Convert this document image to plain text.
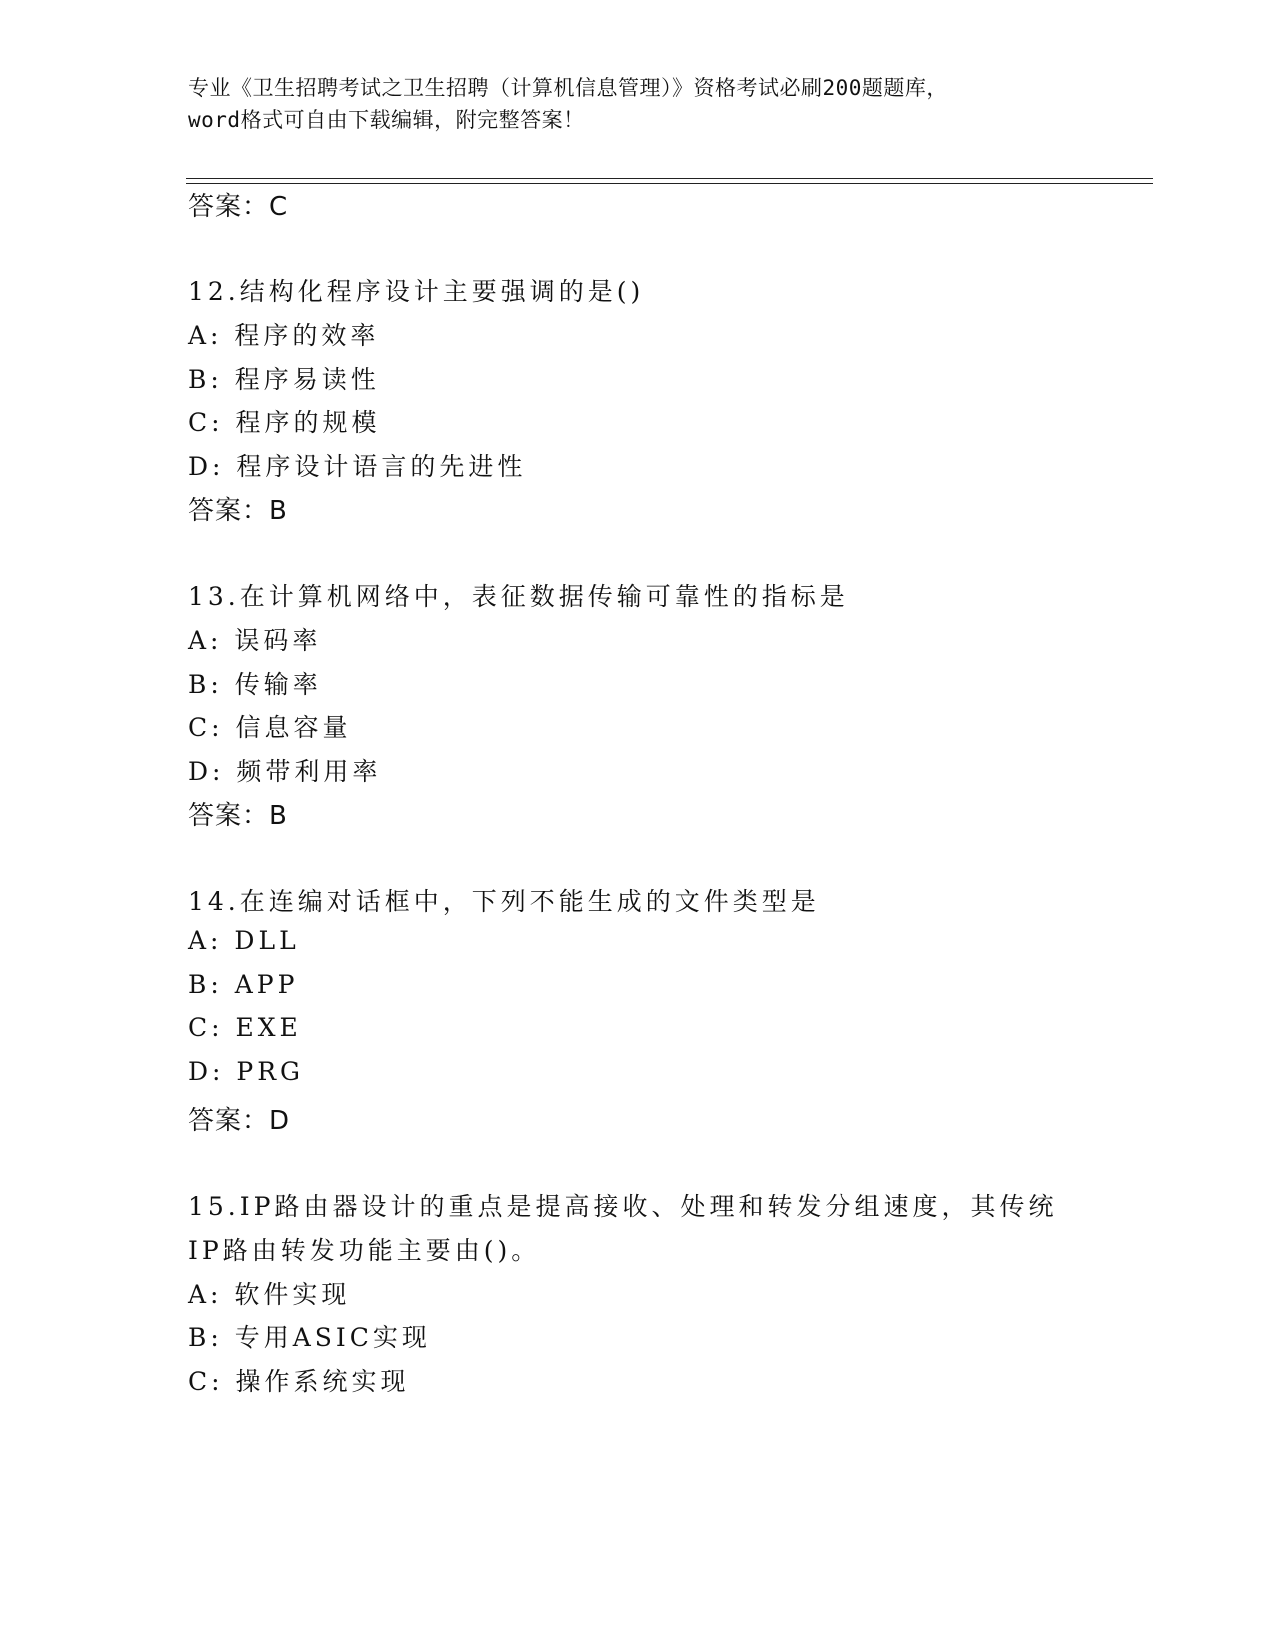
专业《卫生招聘考试之卫生招聘（计算机信息管理）》资格考试必刷200题题库，
word格式可自由下载编辑，附完整答案！
答案：C
12.结构化程序设计主要强调的是()
A: 程序的效率
B: 程序易读性
C: 程序的规模
D: 程序设计语言的先进性
答案：B
13.在计算机网络中，表征数据传输可靠性的指标是
A: 误码率
B: 传输率
C: 信息容量
D: 频带利用率
答案：B
14.在连编对话框中，下列不能生成的文件类型是
A: DLL
B: APP
C: EXE
D: PRG
答案：D
15.IP路由器设计的重点是提高接收、处理和转发分组速度，其传统
IP路由转发功能主要由()。
A: 软件实现
B: 专用ASIC实现
C: 操作系统实现
